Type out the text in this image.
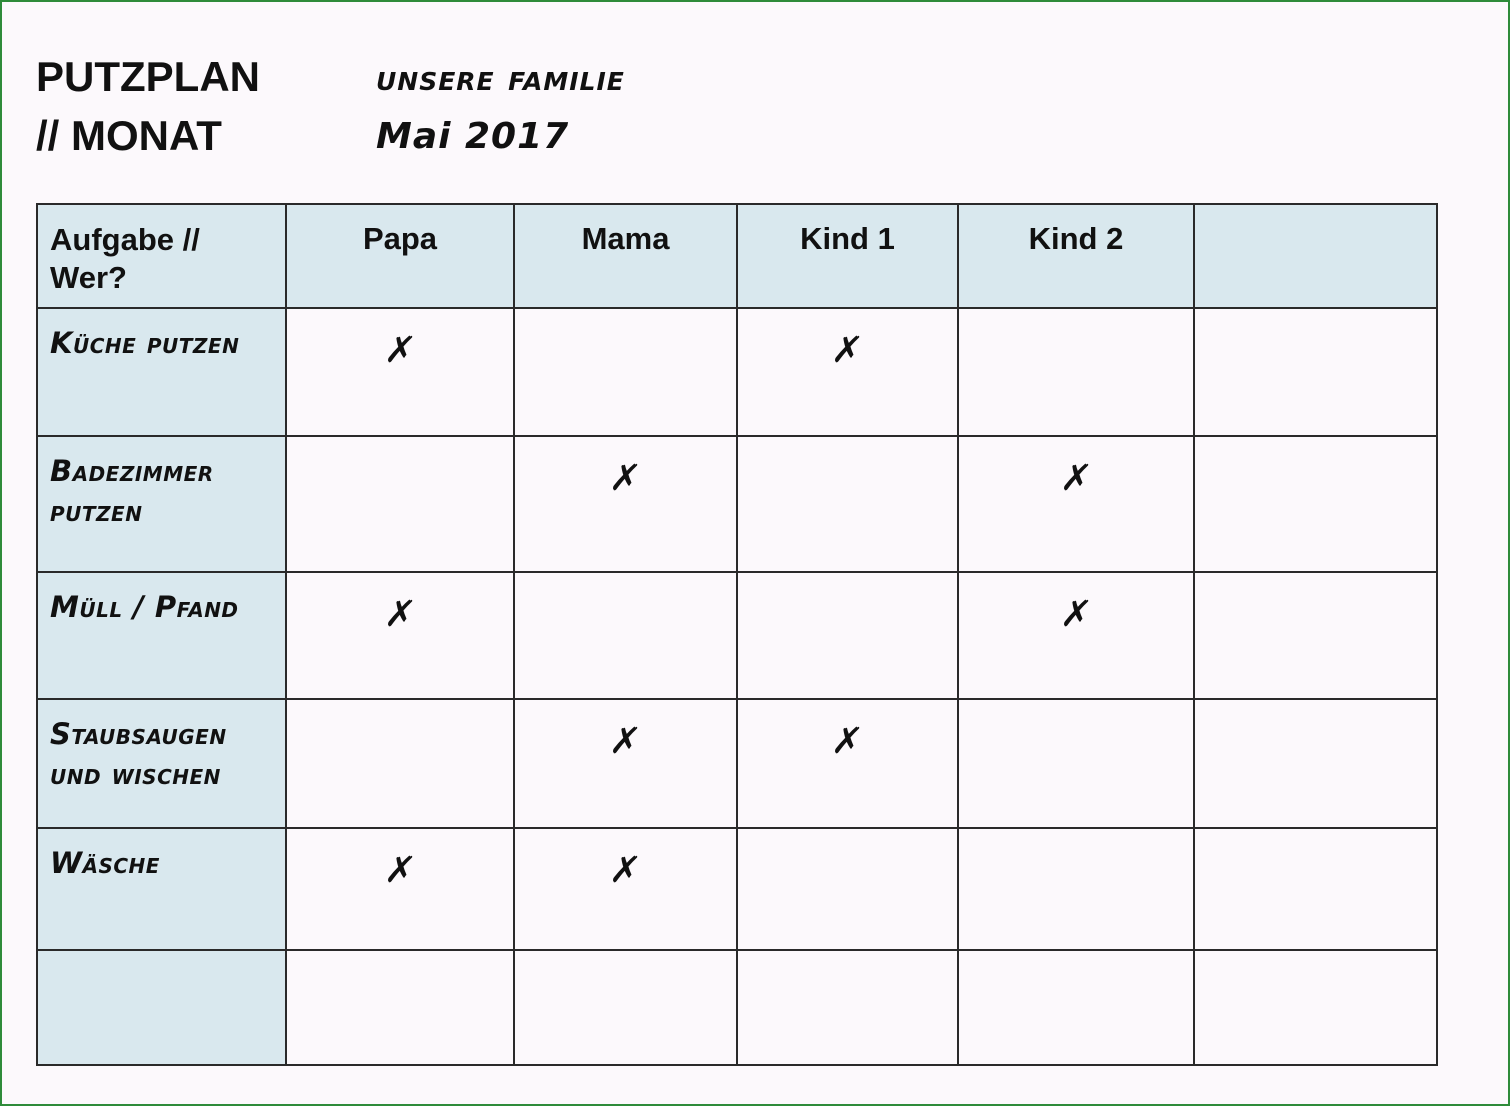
PUTZPLAN
// MONAT
unsere familie
Mai 2017
Aufgabe //
Wer?	Papa	Mama	Kind 1	Kind 2	
Küche putzen	✗		✗		
Badezimmer putzen		✗		✗	
Müll / Pfand	✗			✗	
Staubsaugen und wischen		✗	✗		
Wäsche	✗	✗			
